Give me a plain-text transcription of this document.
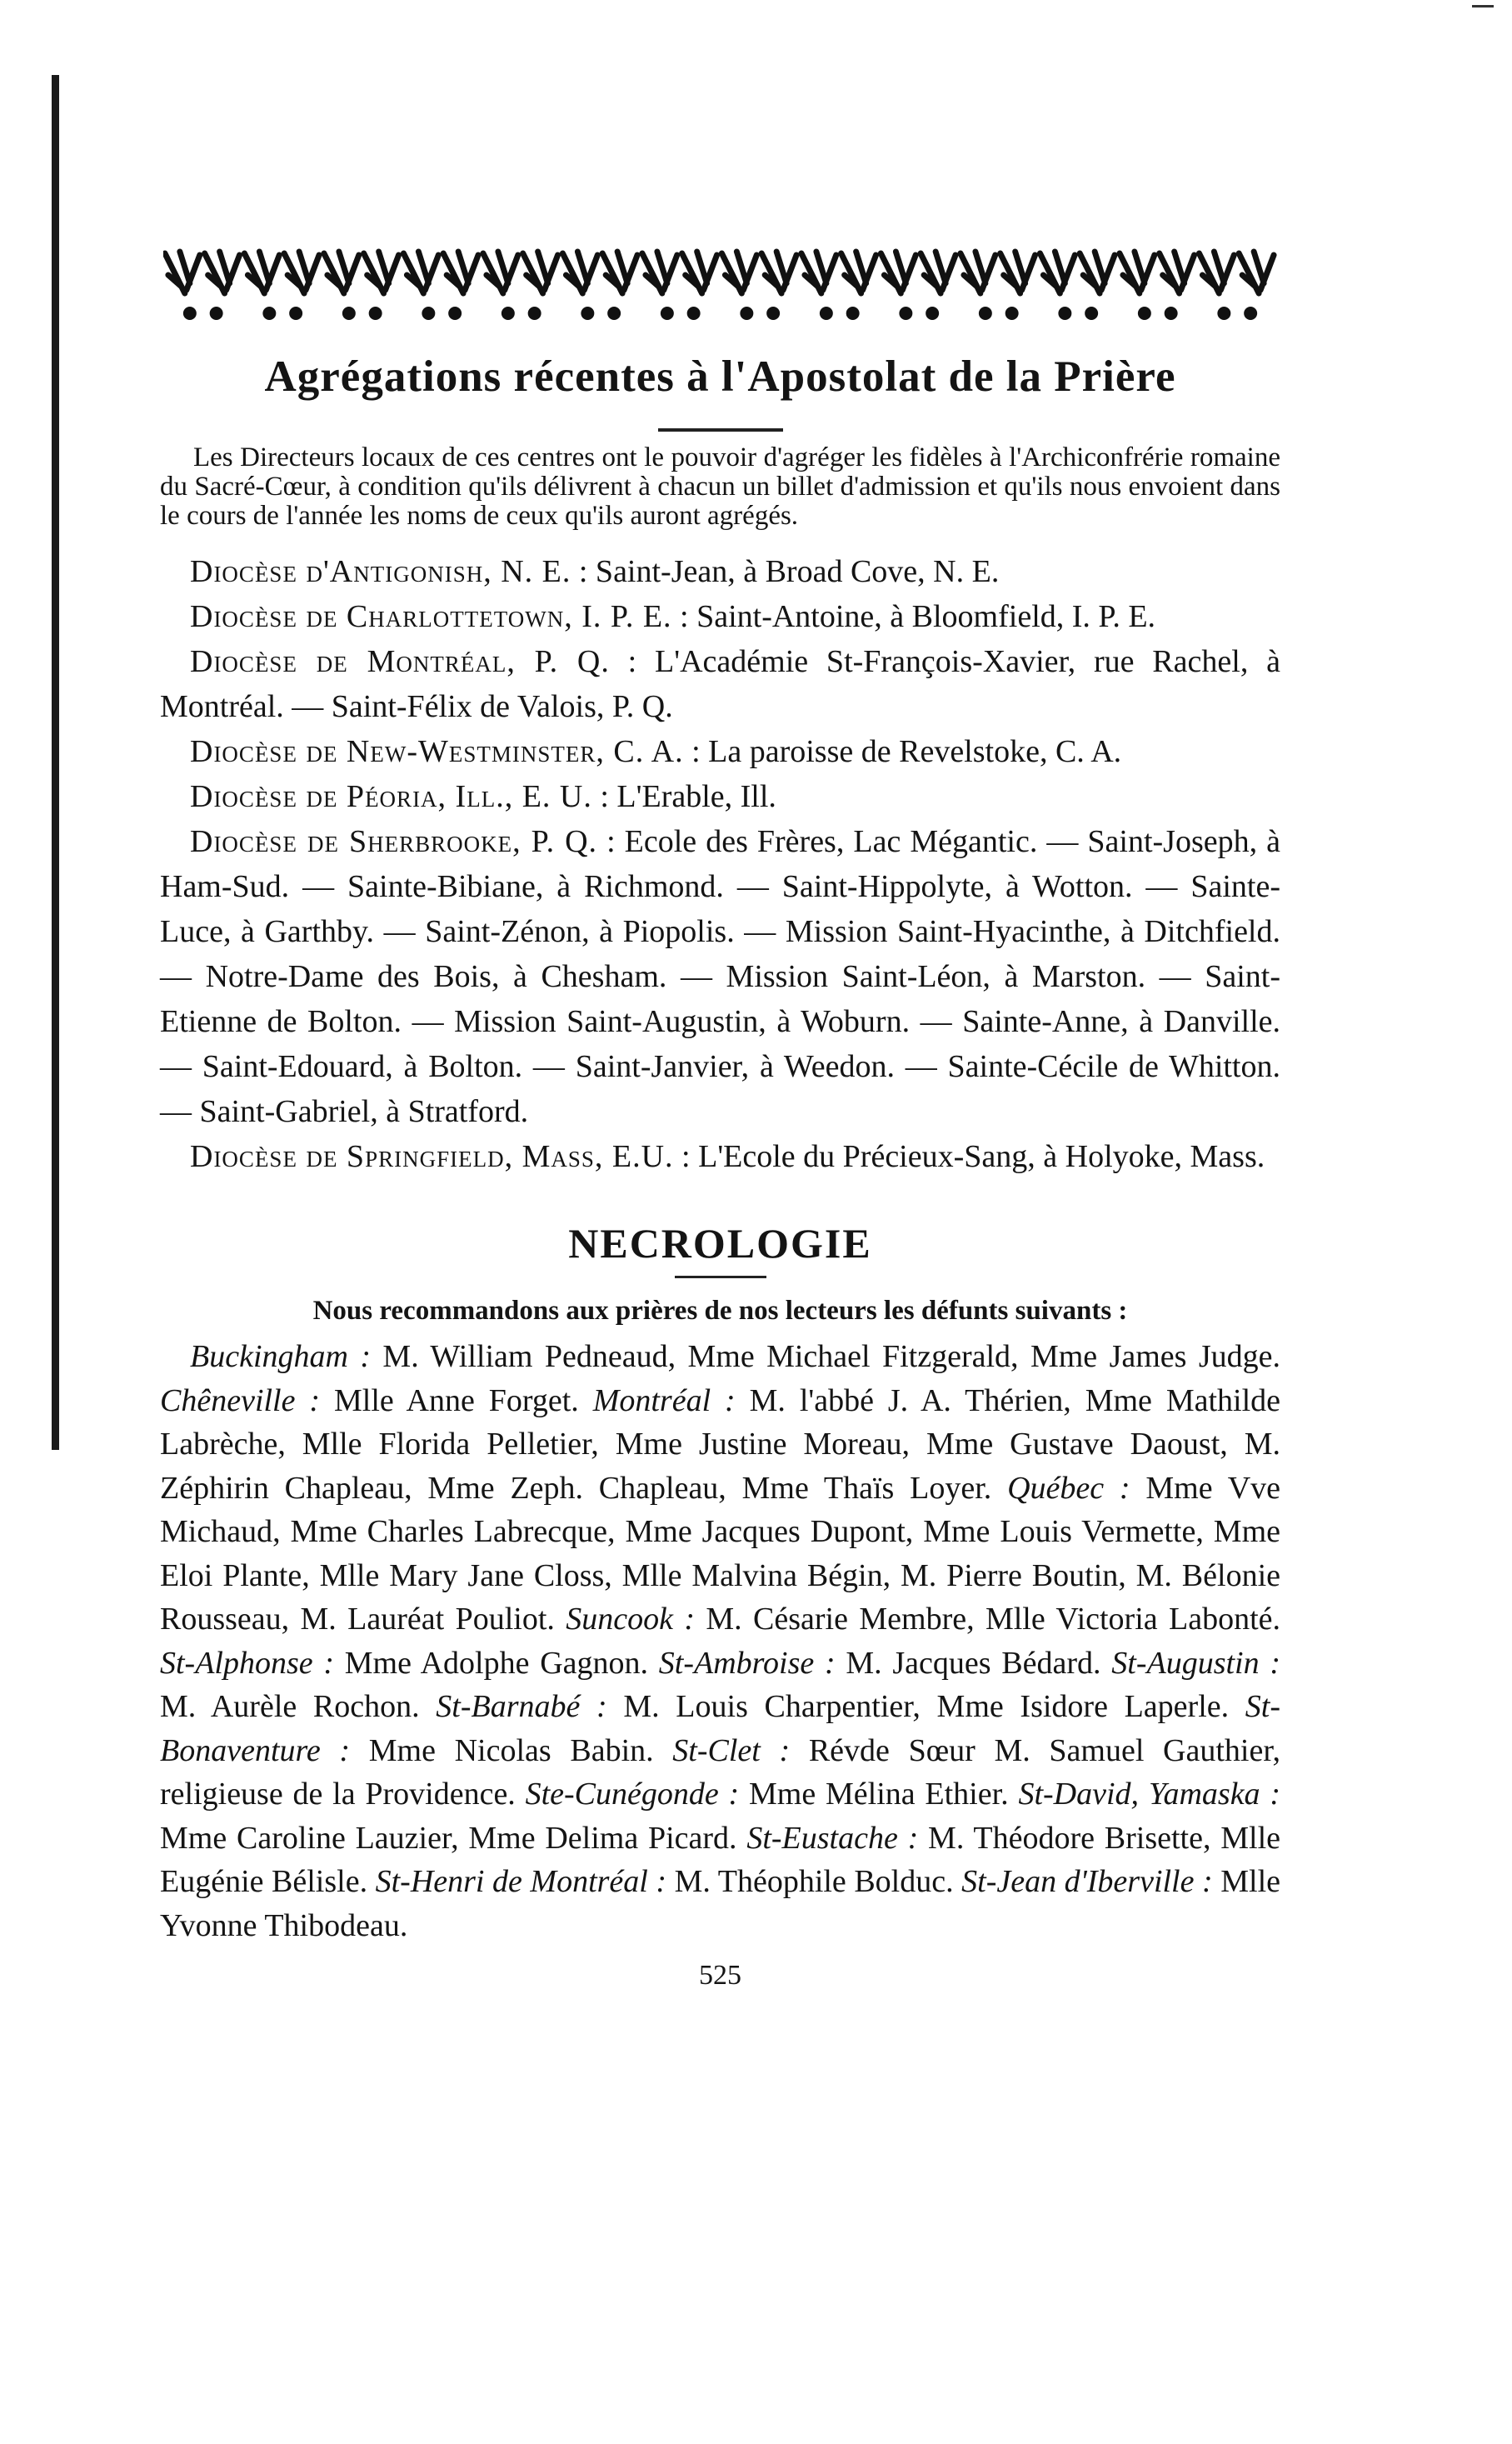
Agrégations récentes à l'Apostolat de la Prière

Les Directeurs locaux de ces centres ont le pouvoir d'agréger les fidèles à l'Archiconfrérie romaine du Sacré-Cœur, à condition qu'ils délivrent à chacun un billet d'admission et qu'ils nous envoient dans le cours de l'année les noms de ceux qu'ils auront agrégés.

Diocèse d'Antigonish, N. E. : Saint-Jean, à Broad Cove, N. E.

Diocèse de Charlottetown, I. P. E. : Saint-Antoine, à Bloomfield, I. P. E.

Diocèse de Montréal, P. Q. : L'Académie St-François-Xavier, rue Rachel, à Montréal. — Saint-Félix de Valois, P. Q.

Diocèse de New-Westminster, C. A. : La paroisse de Revelstoke, C. A.

Diocèse de Péoria, Ill., E. U. : L'Erable, Ill.

Diocèse de Sherbrooke, P. Q. : Ecole des Frères, Lac Mégantic. — Saint-Joseph, à Ham-Sud. — Sainte-Bibiane, à Richmond. — Saint-Hippolyte, à Wotton. — Sainte-Luce, à Garthby. — Saint-Zénon, à Piopolis. — Mission Saint-Hyacinthe, à Ditchfield. — Notre-Dame des Bois, à Chesham. — Mission Saint-Léon, à Marston. — Saint-Etienne de Bolton. — Mission Saint-Augustin, à Woburn. — Sainte-Anne, à Danville. — Saint-Edouard, à Bolton. — Saint-Janvier, à Weedon. — Sainte-Cécile de Whitton. — Saint-Gabriel, à Stratford.

Diocèse de Springfield, Mass, E.U. : L'Ecole du Précieux-Sang, à Holyoke, Mass.

NECROLOGIE

Nous recommandons aux prières de nos lecteurs les défunts suivants :

Buckingham : M. William Pedneaud, Mme Michael Fitzgerald, Mme James Judge. Chêneville : Mlle Anne Forget. Montréal : M. l'abbé J. A. Thérien, Mme Mathilde Labrèche, Mlle Florida Pelletier, Mme Justine Moreau, Mme Gustave Daoust, M. Zéphirin Chapleau, Mme Zeph. Chapleau, Mme Thaïs Loyer. Québec : Mme Vve Michaud, Mme Charles Labrecque, Mme Jacques Dupont, Mme Louis Vermette, Mme Eloi Plante, Mlle Mary Jane Closs, Mlle Malvina Bégin, M. Pierre Boutin, M. Bélonie Rousseau, M. Lauréat Pouliot. Suncook : M. Césarie Membre, Mlle Victoria Labonté. St-Alphonse : Mme Adolphe Gagnon. St-Ambroise : M. Jacques Bédard. St-Augustin : M. Aurèle Rochon. St-Barnabé : M. Louis Charpentier, Mme Isidore Laperle. St-Bonaventure : Mme Nicolas Babin. St-Clet : Révde Sœur M. Samuel Gauthier, religieuse de la Providence. Ste-Cunégonde : Mme Mélina Ethier. St-David, Yamaska : Mme Caroline Lauzier, Mme Delima Picard. St-Eustache : M. Théodore Brisette, Mlle Eugénie Bélisle. St-Henri de Montréal : M. Théophile Bolduc. St-Jean d'Iberville : Mlle Yvonne Thibodeau.

525
